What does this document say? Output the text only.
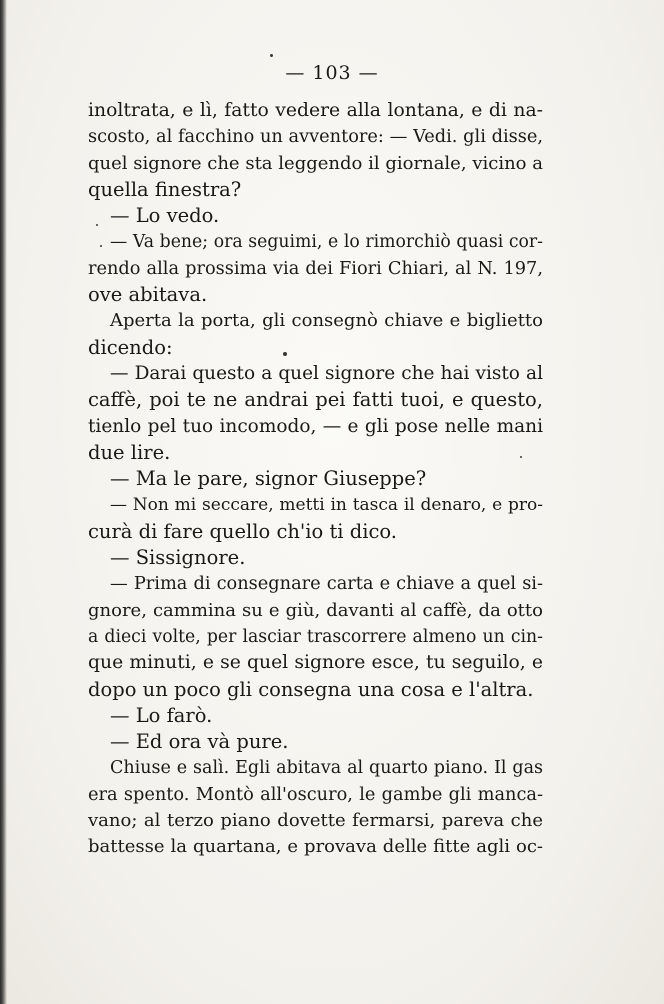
— 103 —
inoltrata, e lì, fatto vedere alla lontana, e di na-
scosto, al facchino un avventore: — Vedi. gli disse,
quel signore che sta leggendo il giornale, vicino a
quella finestra?
— Lo vedo.
— Va bene; ora seguimi, e lo rimorchiò quasi cor-
rendo alla prossima via dei Fiori Chiari, al N. 197,
ove abitava.
Aperta la porta, gli consegnò chiave e biglietto
dicendo:
— Darai questo a quel signore che hai visto al
caffè, poi te ne andrai pei fatti tuoi, e questo,
tienlo pel tuo incomodo, — e gli pose nelle mani
due lire.
— Ma le pare, signor Giuseppe?
— Non mi seccare, metti in tasca il denaro, e pro-
curà di fare quello ch'io ti dico.
— Sissignore.
— Prima di consegnare carta e chiave a quel si-
gnore, cammina su e giù, davanti al caffè, da otto
a dieci volte, per lasciar trascorrere almeno un cin-
que minuti, e se quel signore esce, tu seguilo, e
dopo un poco gli consegna una cosa e l'altra.
— Lo farò.
— Ed ora và pure.
Chiuse e salì. Egli abitava al quarto piano. Il gas
era spento. Montò all'oscuro, le gambe gli mancа-
vano; al terzo piano dovette fermarsi, pareva che
battesse la quartana, e provava delle fitte agli oc-
